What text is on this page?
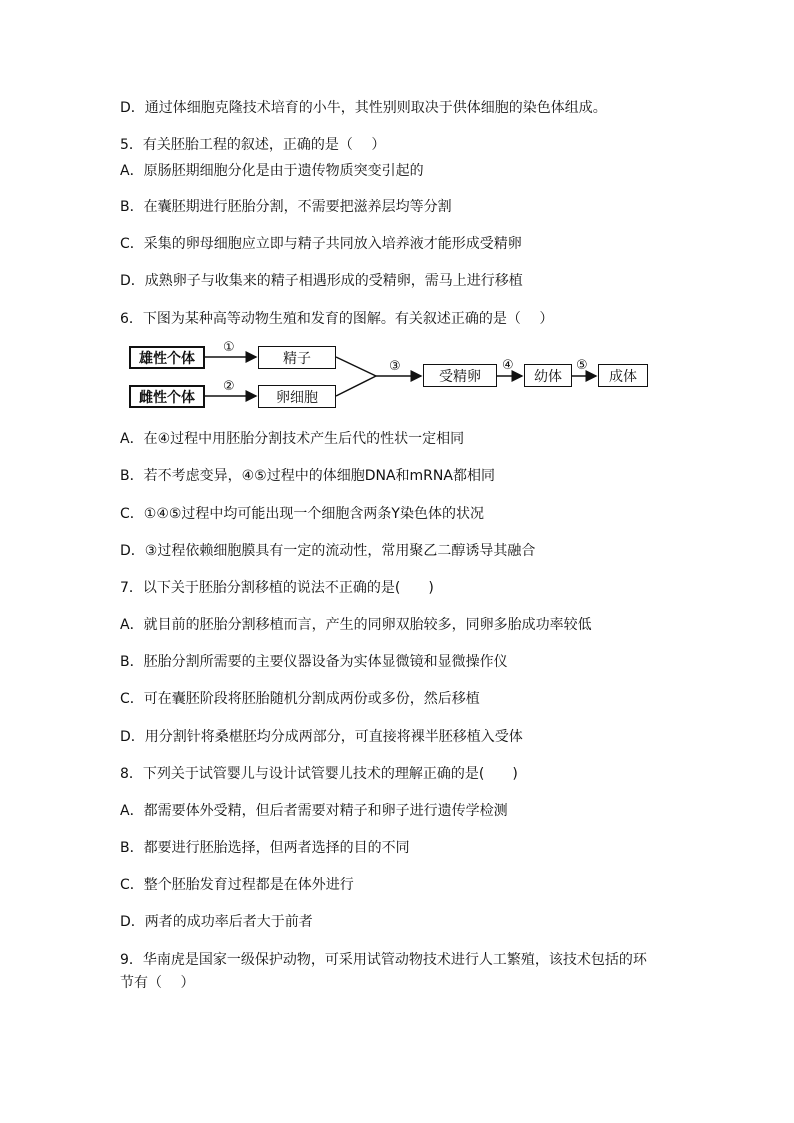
D．通过体细胞克隆技术培育的小牛，其性别则取决于供体细胞的染色体组成。
5．有关胚胎工程的叙述，正确的是（　 ）
A．原肠胚期细胞分化是由于遗传物质突变引起的
B．在囊胚期进行胚胎分割，不需要把滋养层均等分割
C．采集的卵母细胞应立即与精子共同放入培养液才能形成受精卵
D．成熟卵子与收集来的精子相遇形成的受精卵，需马上进行移植
6．下图为某种高等动物生殖和发育的图解。有关叙述正确的是（　 ）
雄性个体
雌性个体
精子
卵细胞
受精卵	幼体	成体
①
②
③	④	⑤
A．在④过程中用胚胎分割技术产生后代的性状一定相同
B．若不考虑变异，④⑤过程中的体细胞DNA和mRNA都相同
C．①④⑤过程中均可能出现一个细胞含两条Y染色体的状况
D．③过程依赖细胞膜具有一定的流动性，常用聚乙二醇诱导其融合
7．以下关于胚胎分割移植的说法不正确的是(　　)
A．就目前的胚胎分割移植而言，产生的同卵双胎较多，同卵多胎成功率较低
B．胚胎分割所需要的主要仪器设备为实体显微镜和显微操作仪
C．可在囊胚阶段将胚胎随机分割成两份或多份，然后移植
D．用分割针将桑椹胚均分成两部分，可直接将裸半胚移植入受体
8．下列关于试管婴儿与设计试管婴儿技术的理解正确的是(　　)
A．都需要体外受精，但后者需要对精子和卵子进行遗传学检测
B．都要进行胚胎选择，但两者选择的目的不同
C．整个胚胎发育过程都是在体外进行
D．两者的成功率后者大于前者
9．华南虎是国家一级保护动物，可采用试管动物技术进行人工繁殖，该技术包括的环
节有（　 ）
